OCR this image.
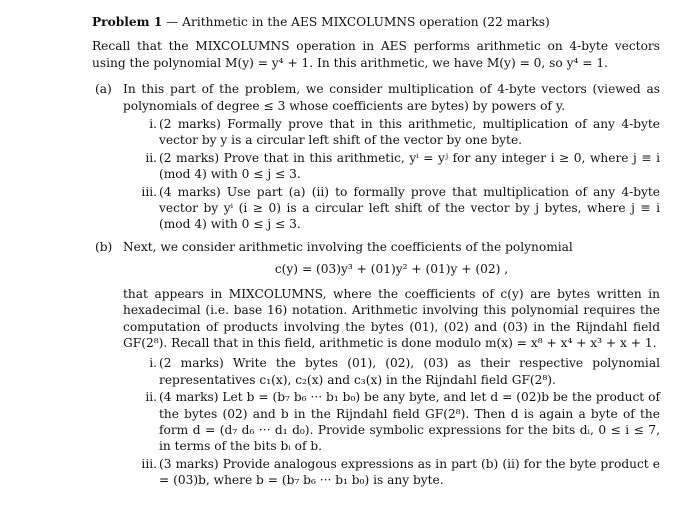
Problem 1 — Arithmetic in the AES MIXCOLUMNS operation (22 marks)

Recall that the MIXCOLUMNS operation in AES performs arithmetic on 4-byte vectors using the polynomial M(y) = y⁴ + 1. In this arithmetic, we have M(y) = 0, so y⁴ = 1.

(a) In this part of the problem, we consider multiplication of 4-byte vectors (viewed as polynomials of degree ≤ 3 whose coefficients are bytes) by powers of y.

i. (2 marks) Formally prove that in this arithmetic, multiplication of any 4-byte vector by y is a circular left shift of the vector by one byte.

ii. (2 marks) Prove that in this arithmetic, yⁱ = yʲ for any integer i ≥ 0, where j ≡ i (mod 4) with 0 ≤ j ≤ 3.

iii. (4 marks) Use part (a) (ii) to formally prove that multiplication of any 4-byte vector by yⁱ (i ≥ 0) is a circular left shift of the vector by j bytes, where j ≡ i (mod 4) with 0 ≤ j ≤ 3.

(b) Next, we consider arithmetic involving the coefficients of the polynomial

c(y) = (03)y³ + (01)y² + (01)y + (02) ,

that appears in MIXCOLUMNS, where the coefficients of c(y) are bytes written in hexadecimal (i.e. base 16) notation. Arithmetic involving this polynomial requires the computation of products involving the bytes (01), (02) and (03) in the Rijndahl field GF(2⁸). Recall that in this field, arithmetic is done modulo m(x) = x⁸ + x⁴ + x³ + x + 1.

i. (2 marks) Write the bytes (01), (02), (03) as their respective polynomial representatives c₁(x), c₂(x) and c₃(x) in the Rijndahl field GF(2⁸).

ii. (4 marks) Let b = (b₇ b₆ ··· b₁ b₀) be any byte, and let d = (02)b be the product of the bytes (02) and b in the Rijndahl field GF(2⁸). Then d is again a byte of the form d = (d₇ d₆ ··· d₁ d₀). Provide symbolic expressions for the bits dᵢ, 0 ≤ i ≤ 7, in terms of the bits bᵢ of b.

iii. (3 marks) Provide analogous expressions as in part (b) (ii) for the byte product e = (03)b, where b = (b₇ b₆ ··· b₁ b₀) is any byte.
